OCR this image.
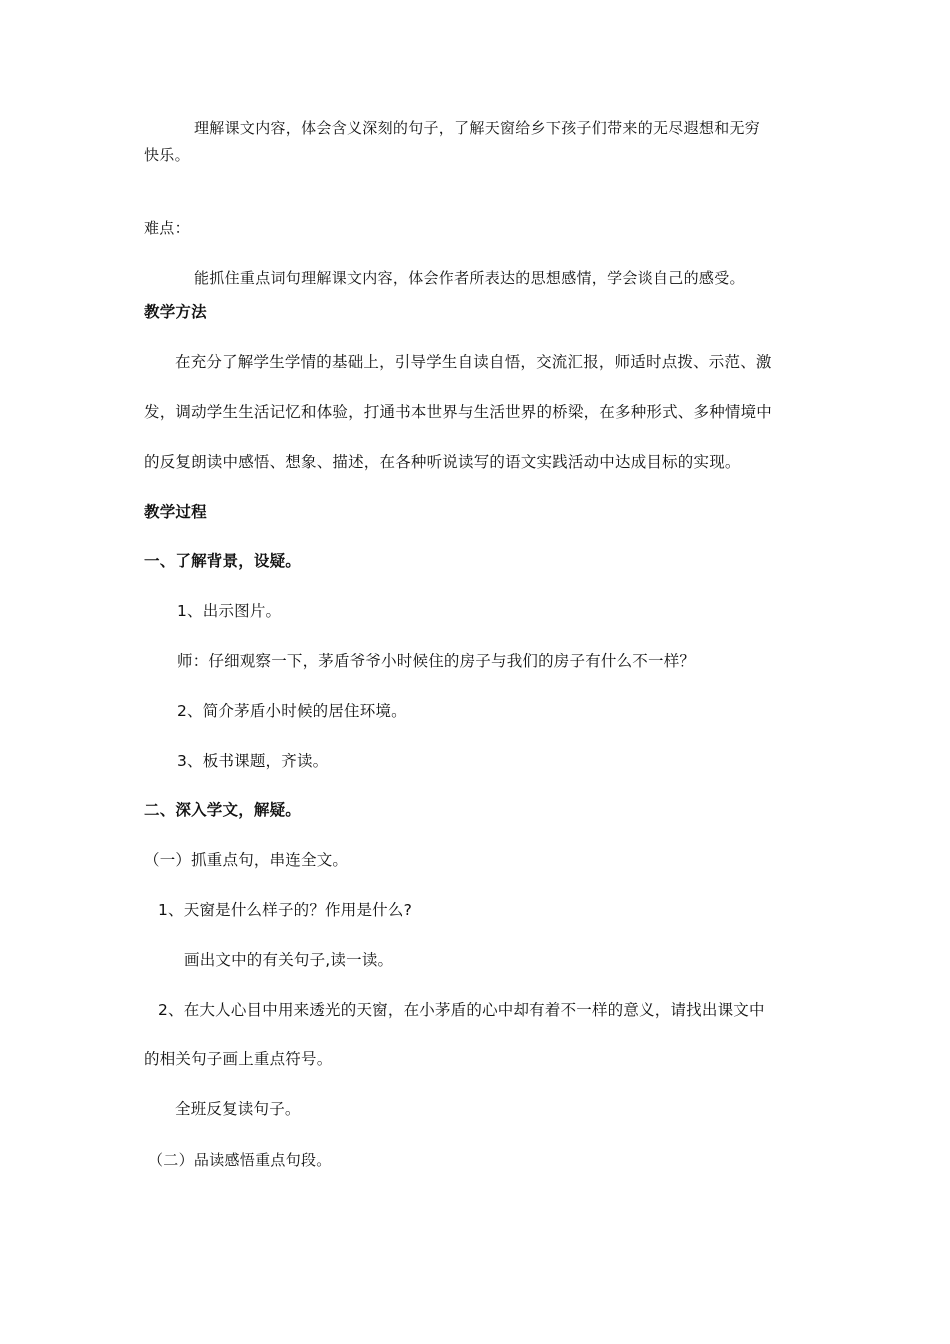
理解课文内容，体会含义深刻的句子，了解天窗给乡下孩子们带来的无尽遐想和无穷
快乐。
难点：
能抓住重点词句理解课文内容，体会作者所表达的思想感情，学会谈自己的感受。
教学方法
在充分了解学生学情的基础上，引导学生自读自悟，交流汇报，师适时点拨、示范、激
发，调动学生生活记忆和体验，打通书本世界与生活世界的桥梁，在多种形式、多种情境中
的反复朗读中感悟、想象、描述，在各种听说读写的语文实践活动中达成目标的实现。
教学过程
一、了解背景，设疑。
1、出示图片。
师：仔细观察一下，茅盾爷爷小时候住的房子与我们的房子有什么不一样？
2、简介茅盾小时候的居住环境。
3、板书课题，齐读。
二、深入学文，解疑。
（一）抓重点句，串连全文。
1、天窗是什么样子的？作用是什么?
画出文中的有关句子,读一读。
2、在大人心目中用来透光的天窗，在小茅盾的心中却有着不一样的意义，请找出课文中
的相关句子画上重点符号。
全班反复读句子。
（二）品读感悟重点句段。
